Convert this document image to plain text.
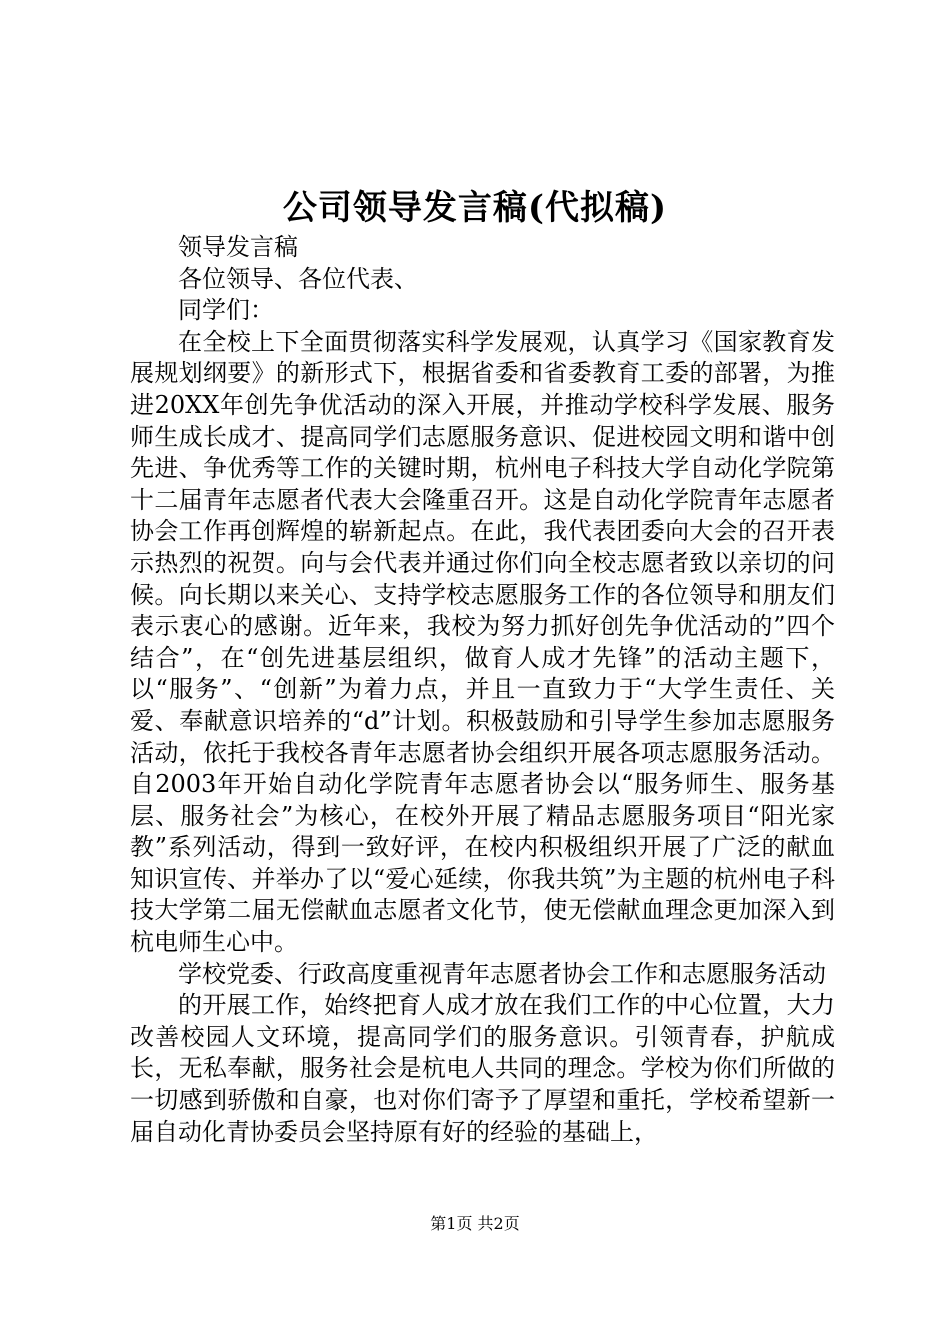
公司领导发言稿(代拟稿)

领导发言稿

各位领导、各位代表、

同学们：

在全校上下全面贯彻落实科学发展观，认真学习《国家教育发展规划纲要》的新形式下，根据省委和省委教育工委的部署，为推进20XX年创先争优活动的深入开展，并推动学校科学发展、服务师生成长成才、提高同学们志愿服务意识、促进校园文明和谐中创先进、争优秀等工作的关键时期，杭州电子科技大学自动化学院第十二届青年志愿者代表大会隆重召开。这是自动化学院青年志愿者协会工作再创辉煌的崭新起点。在此，我代表团委向大会的召开表示热烈的祝贺。向与会代表并通过你们向全校志愿者致以亲切的问候。向长期以来关心、支持学校志愿服务工作的各位领导和朋友们表示衷心的感谢。近年来，我校为努力抓好创先争优活动的”四个结合”，在“创先进基层组织，做育人成才先锋”的活动主题下，以“服务”、“创新”为着力点，并且一直致力于“大学生责任、关爱、奉献意识培养的“d”计划。积极鼓励和引导学生参加志愿服务活动，依托于我校各青年志愿者协会组织开展各项志愿服务活动。自2003年开始自动化学院青年志愿者协会以“服务师生、服务基层、服务社会”为核心，在校外开展了精品志愿服务项目“阳光家教”系列活动，得到一致好评，在校内积极组织开展了广泛的献血知识宣传、并举办了以“爱心延续，你我共筑”为主题的杭州电子科技大学第二届无偿献血志愿者文化节，使无偿献血理念更加深入到杭电师生心中。

学校党委、行政高度重视青年志愿者协会工作和志愿服务活动

的开展工作，始终把育人成才放在我们工作的中心位置，大力改善校园人文环境，提高同学们的服务意识。引领青春，护航成长，无私奉献，服务社会是杭电人共同的理念。学校为你们所做的一切感到骄傲和自豪，也对你们寄予了厚望和重托，学校希望新一届自动化青协委员会坚持原有好的经验的基础上，

第1页 共2页
